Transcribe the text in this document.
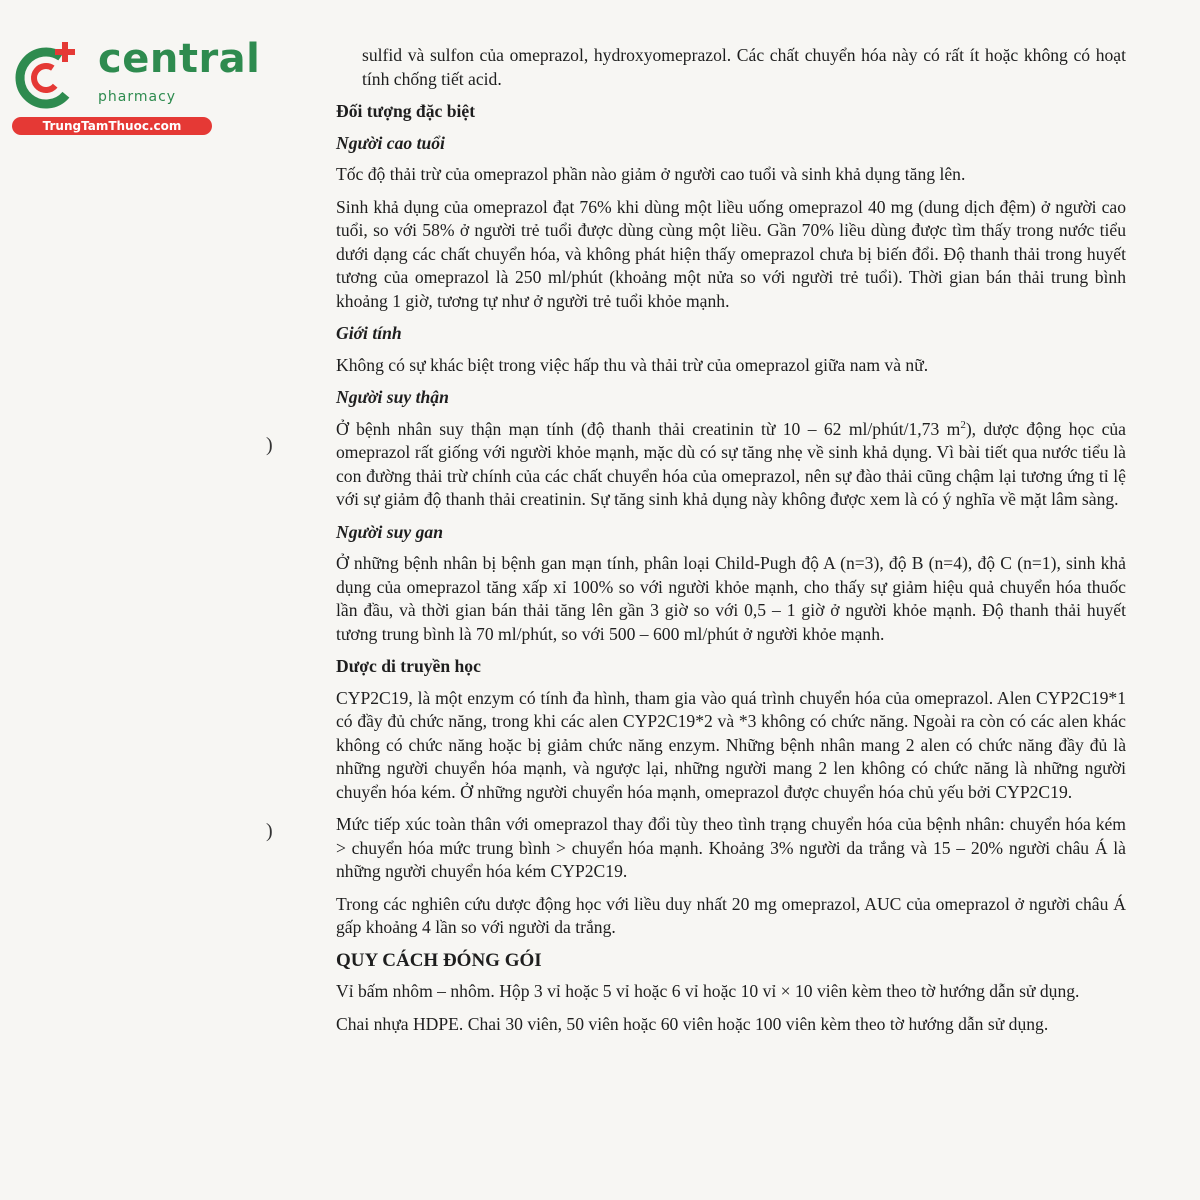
central
pharmacy
TrungTamThuoc.com
)
)

sulfid và sulfon của omeprazol, hydroxyomeprazol. Các chất chuyển hóa này có rất ít hoặc không có hoạt tính chống tiết acid.

Đối tượng đặc biệt

Người cao tuổi

Tốc độ thải trừ của omeprazol phần nào giảm ở người cao tuổi và sinh khả dụng tăng lên.

Sinh khả dụng của omeprazol đạt 76% khi dùng một liều uống omeprazol 40 mg (dung dịch đệm) ở người cao tuổi, so với 58% ở người trẻ tuổi được dùng cùng một liều. Gần 70% liều dùng được tìm thấy trong nước tiểu dưới dạng các chất chuyển hóa, và không phát hiện thấy omeprazol chưa bị biến đổi. Độ thanh thải trong huyết tương của omeprazol là 250 ml/phút (khoảng một nửa so với người trẻ tuổi). Thời gian bán thải trung bình khoảng 1 giờ, tương tự như ở người trẻ tuổi khỏe mạnh.

Giới tính

Không có sự khác biệt trong việc hấp thu và thải trừ của omeprazol giữa nam và nữ.

Người suy thận

Ở bệnh nhân suy thận mạn tính (độ thanh thải creatinin từ 10 – 62 ml/phút/1,73 $m^2$), dược động học của omeprazol rất giống với người khỏe mạnh, mặc dù có sự tăng nhẹ về sinh khả dụng. Vì bài tiết qua nước tiểu là con đường thải trừ chính của các chất chuyển hóa của omeprazol, nên sự đào thải cũng chậm lại tương ứng tỉ lệ với sự giảm độ thanh thải creatinin. Sự tăng sinh khả dụng này không được xem là có ý nghĩa về mặt lâm sàng.

Người suy gan

Ở những bệnh nhân bị bệnh gan mạn tính, phân loại Child-Pugh độ A (n=3), độ B (n=4), độ C (n=1), sinh khả dụng của omeprazol tăng xấp xỉ 100% so với người khỏe mạnh, cho thấy sự giảm hiệu quả chuyển hóa thuốc lần đầu, và thời gian bán thải tăng lên gần 3 giờ so với 0,5 – 1 giờ ở người khỏe mạnh. Độ thanh thải huyết tương trung bình là 70 ml/phút, so với 500 – 600 ml/phút ở người khỏe mạnh.

Dược di truyền học

CYP2C19, là một enzym có tính đa hình, tham gia vào quá trình chuyển hóa của omeprazol. Alen CYP2C19*1 có đầy đủ chức năng, trong khi các alen CYP2C19*2 và *3 không có chức năng. Ngoài ra còn có các alen khác không có chức năng hoặc bị giảm chức năng enzym. Những bệnh nhân mang 2 alen có chức năng đầy đủ là những người chuyển hóa mạnh, và ngược lại, những người mang 2 len không có chức năng là những người chuyển hóa kém. Ở những người chuyển hóa mạnh, omeprazol được chuyển hóa chủ yếu bởi CYP2C19.

Mức tiếp xúc toàn thân với omeprazol thay đổi tùy theo tình trạng chuyển hóa của bệnh nhân: chuyển hóa kém > chuyển hóa mức trung bình > chuyển hóa mạnh. Khoảng 3% người da trắng và 15 – 20% người châu Á là những người chuyển hóa kém CYP2C19.

Trong các nghiên cứu dược động học với liều duy nhất 20 mg omeprazol, AUC của omeprazol ở người châu Á gấp khoảng 4 lần so với người da trắng.

QUY CÁCH ĐÓNG GÓI

Vỉ bấm nhôm – nhôm. Hộp 3 vỉ hoặc 5 vỉ hoặc 6 vỉ hoặc 10 vỉ × 10 viên kèm theo tờ hướng dẫn sử dụng.

Chai nhựa HDPE. Chai 30 viên, 50 viên hoặc 60 viên hoặc 100 viên kèm theo tờ hướng dẫn sử dụng.
